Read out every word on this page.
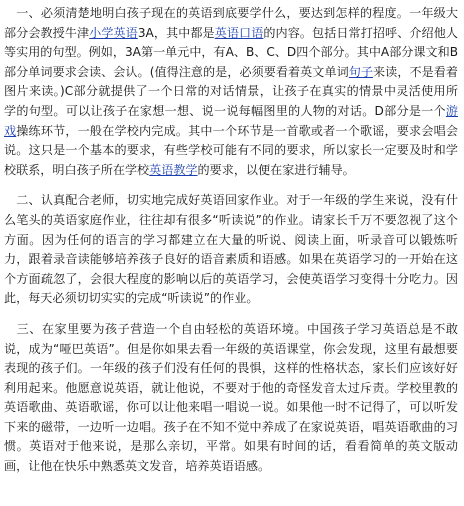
　一、必须清楚地明白孩子现在的英语到底要学什么，要达到怎样的程度。一年级大部分会教授牛津小学英语3A，其中都是英语口语的内容。包括日常打招呼、介绍他人等实用的句型。例如，3A第一单元中，有A、B、C、D四个部分。其中A部分课文和B部分单词要求会读、会认。(值得注意的是，必须要看着英文单词句子来读，不是看着图片来读。)C部分就提供了一个日常的对话情景，让孩子在真实的情景中灵活使用所学的句型。可以让孩子在家想一想、说一说每幅图里的人物的对话。D部分是一个游戏操练环节，一般在学校内完成。其中一个环节是一首歌或者一个歌谣，要求会唱会说。这只是一个基本的要求，有些学校可能有不同的要求，所以家长一定要及时和学校联系，明白孩子所在学校英语教学的要求，以便在家进行辅导。

　二、认真配合老师，切实地完成好英语回家作业。对于一年级的学生来说，没有什么笔头的英语家庭作业，往往却有很多“听读说”的作业。请家长千万不要忽视了这个方面。因为任何的语言的学习都建立在大量的听说、阅读上面，听录音可以锻炼听力，跟着录音读能够培养孩子良好的语音素质和语感。如果在英语学习的一开始在这个方面疏忽了，会很大程度的影响以后的英语学习，会使英语学习变得十分吃力。因此，每天必须切切实实的完成“听读说”的作业。

　三、在家里要为孩子营造一个自由轻松的英语环境。中国孩子学习英语总是不敢说，成为“哑巴英语”。但是你如果去看一年级的英语课堂，你会发现，这里有最想要表现的孩子们。一年级的孩子们没有任何的畏惧，这样的性格状态，家长们应该好好利用起来。他愿意说英语，就让他说，不要对于他的奇怪发音太过斥责。学校里教的英语歌曲、英语歌谣，你可以让他来唱一唱说一说。如果他一时不记得了，可以听发下来的磁带，一边听一边唱。孩子在不知不觉中养成了在家说英语，唱英语歌曲的习惯。英语对于他来说，是那么亲切，平常。如果有时间的话，看看简单的英文版动画，让他在快乐中熟悉英文发音，培养英语语感。
